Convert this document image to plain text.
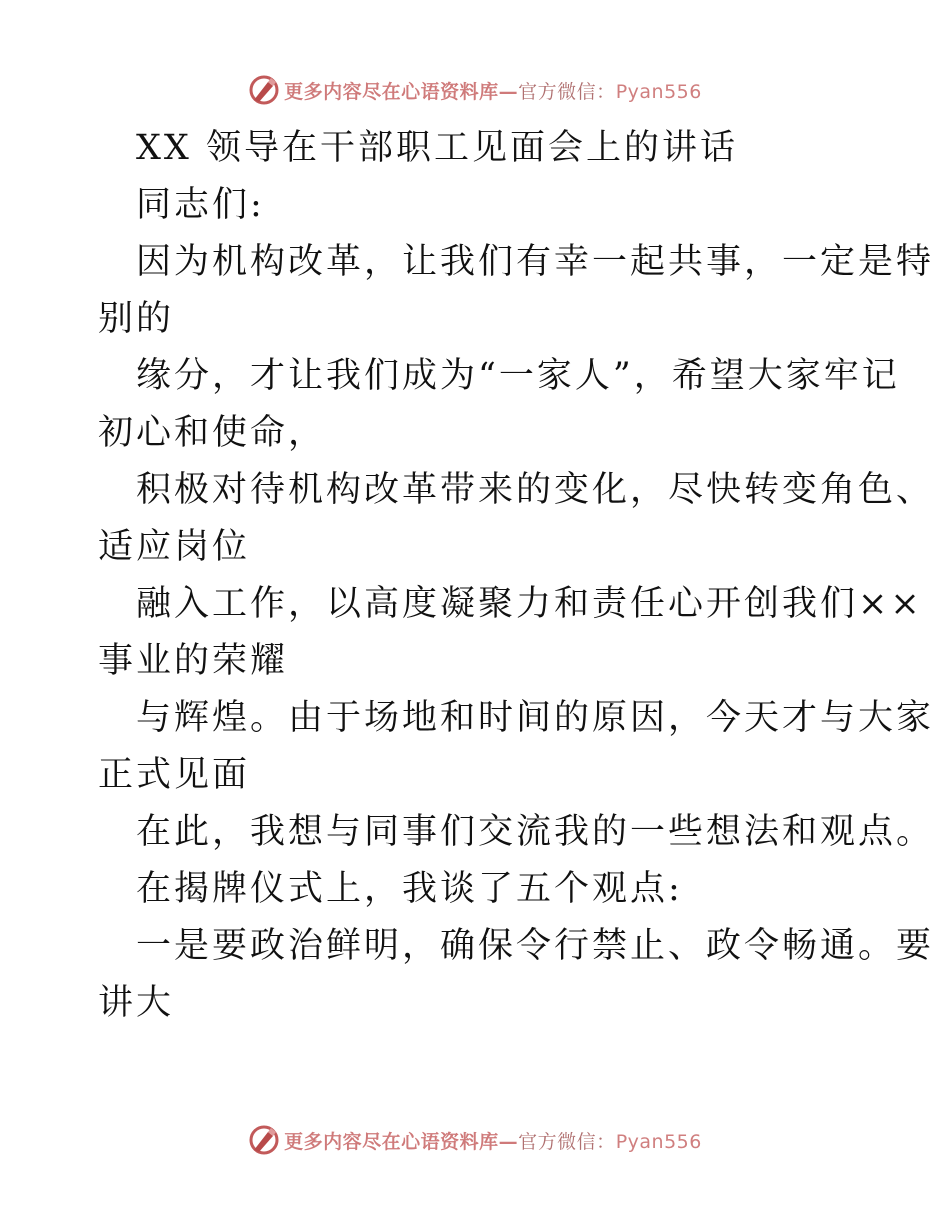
更多内容尽在心语资料库—官方微信：Pyan556
XX 领导在干部职工见面会上的讲话
同志们:
因为机构改革，让我们有幸一起共事，一定是特
别的
缘分，才让我们成为“一家人”，希望大家牢记
初心和使命，
积极对待机构改革带来的变化，尽快转变角色、
适应岗位
融入工作，以高度凝聚力和责任心开创我们××
事业的荣耀
与辉煌。由于场地和时间的原因，今天才与大家
正式见面
在此，我想与同事们交流我的一些想法和观点。
在揭牌仪式上，我谈了五个观点:
一是要政治鲜明，确保令行禁止、政令畅通。要
讲大
更多内容尽在心语资料库—官方微信：Pyan556
